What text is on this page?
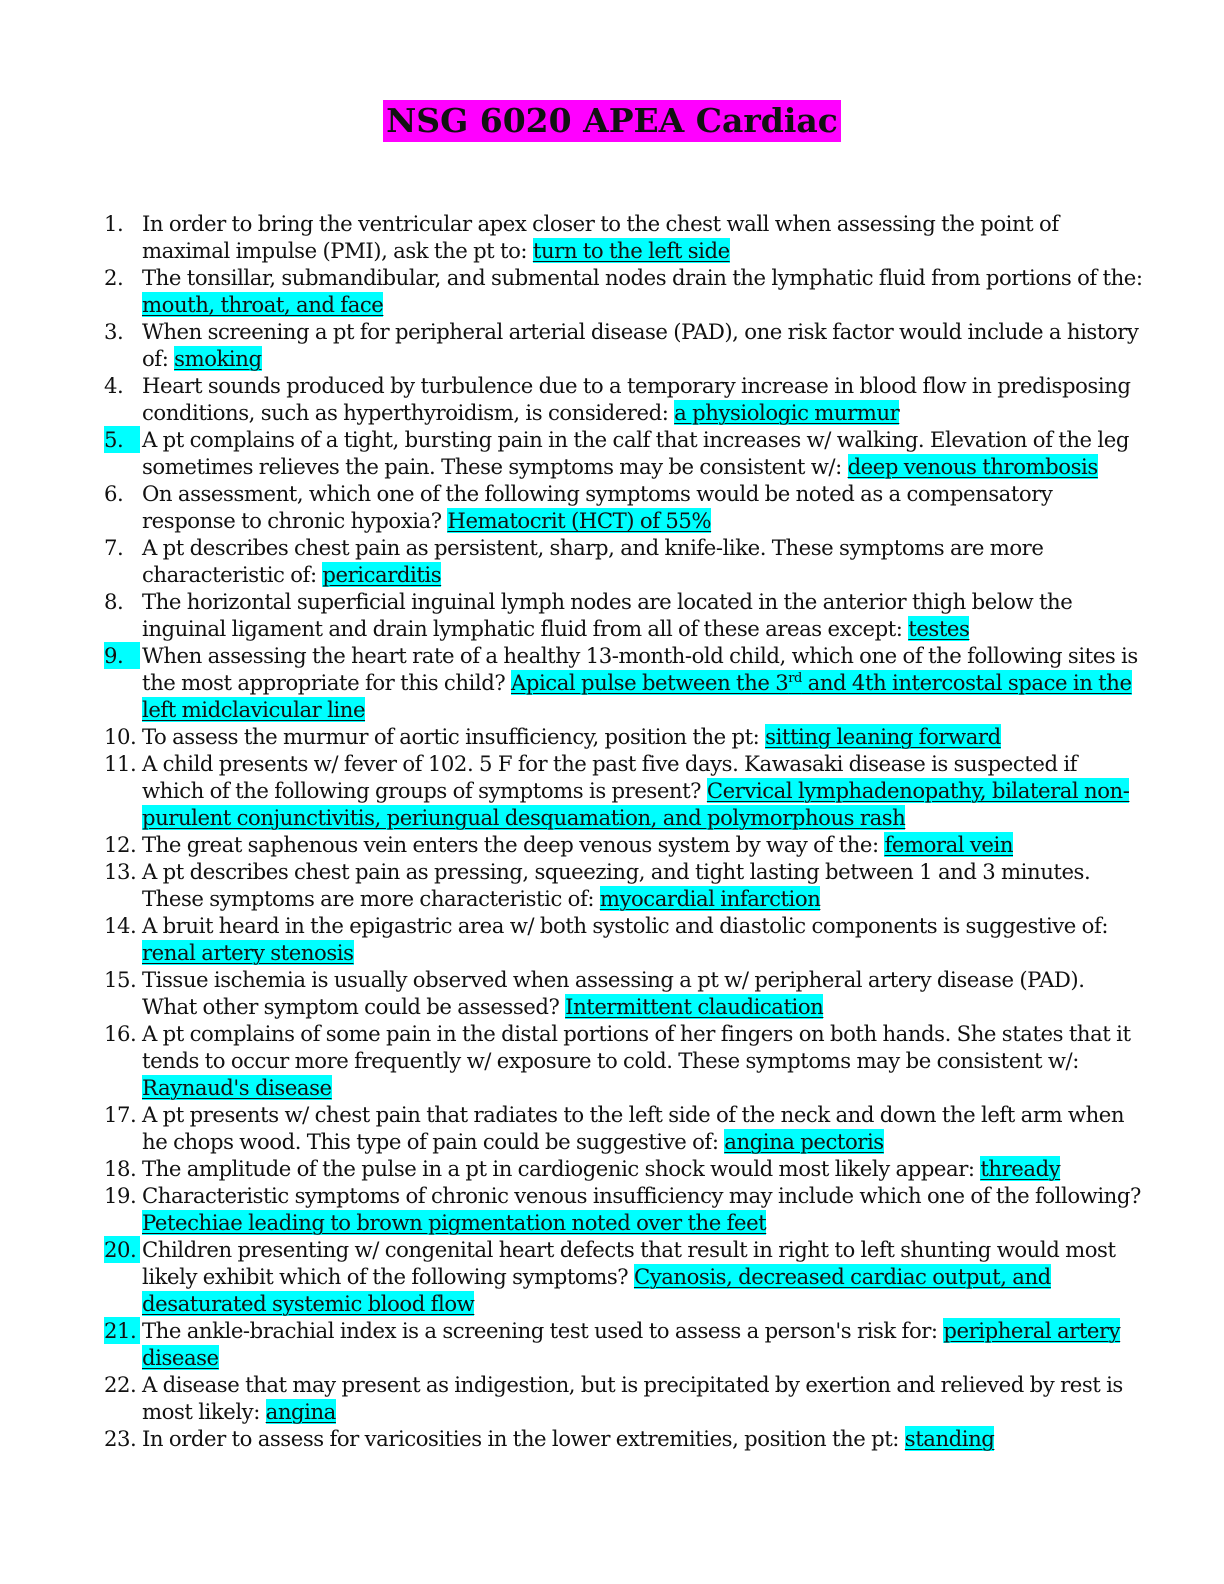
NSG 6020 APEA Cardiac
1. In order to bring the ventricular apex closer to the chest wall when assessing the point of maximal impulse (PMI), ask the pt to: turn to the left side
2. The tonsillar, submandibular, and submental nodes drain the lymphatic fluid from portions of the: mouth, throat, and face
3. When screening a pt for peripheral arterial disease (PAD), one risk factor would include a history of: smoking
4. Heart sounds produced by turbulence due to a temporary increase in blood flow in predisposing conditions, such as hyperthyroidism, is considered: a physiologic murmur
5. A pt complains of a tight, bursting pain in the calf that increases w/ walking. Elevation of the leg sometimes relieves the pain. These symptoms may be consistent w/: deep venous thrombosis
6. On assessment, which one of the following symptoms would be noted as a compensatory response to chronic hypoxia? Hematocrit (HCT) of 55%
7. A pt describes chest pain as persistent, sharp, and knife-like. These symptoms are more characteristic of: pericarditis
8. The horizontal superficial inguinal lymph nodes are located in the anterior thigh below the inguinal ligament and drain lymphatic fluid from all of these areas except: testes
9. When assessing the heart rate of a healthy 13-month-old child, which one of the following sites is the most appropriate for this child? Apical pulse between the 3rd and 4th intercostal space in the left midclavicular line
10. To assess the murmur of aortic insufficiency, position the pt: sitting leaning forward
11. A child presents w/ fever of 102. 5 F for the past five days. Kawasaki disease is suspected if which of the following groups of symptoms is present? Cervical lymphadenopathy, bilateral non-purulent conjunctivitis, periungual desquamation, and polymorphous rash
12. The great saphenous vein enters the deep venous system by way of the: femoral vein
13. A pt describes chest pain as pressing, squeezing, and tight lasting between 1 and 3 minutes. These symptoms are more characteristic of: myocardial infarction
14. A bruit heard in the epigastric area w/ both systolic and diastolic components is suggestive of: renal artery stenosis
15. Tissue ischemia is usually observed when assessing a pt w/ peripheral artery disease (PAD). What other symptom could be assessed? Intermittent claudication
16. A pt complains of some pain in the distal portions of her fingers on both hands. She states that it tends to occur more frequently w/ exposure to cold. These symptoms may be consistent w/: Raynaud's disease
17. A pt presents w/ chest pain that radiates to the left side of the neck and down the left arm when he chops wood. This type of pain could be suggestive of: angina pectoris
18. The amplitude of the pulse in a pt in cardiogenic shock would most likely appear: thready
19. Characteristic symptoms of chronic venous insufficiency may include which one of the following? Petechiae leading to brown pigmentation noted over the feet
20. Children presenting w/ congenital heart defects that result in right to left shunting would most likely exhibit which of the following symptoms? Cyanosis, decreased cardiac output, and desaturated systemic blood flow
21. The ankle-brachial index is a screening test used to assess a person's risk for: peripheral artery disease
22. A disease that may present as indigestion, but is precipitated by exertion and relieved by rest is most likely: angina
23. In order to assess for varicosities in the lower extremities, position the pt: standing
